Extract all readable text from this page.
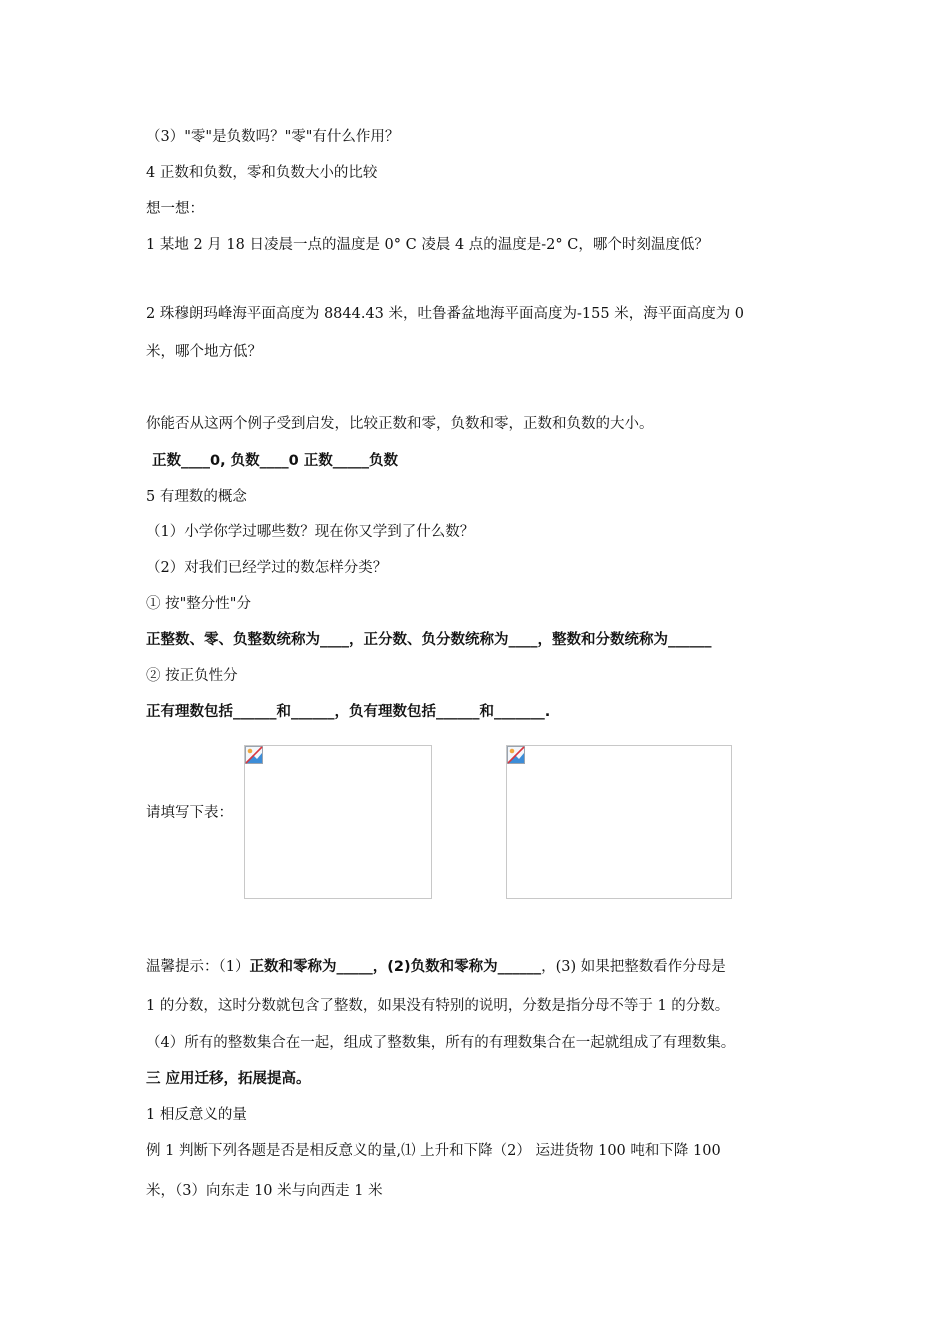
（3）"零"是负数吗？"零"有什么作用？
4 正数和负数，零和负数大小的比较
想一想：
1 某地 2 月 18 日凌晨一点的温度是 0° C 凌晨 4 点的温度是-2° C，哪个时刻温度低？
2 珠穆朗玛峰海平面高度为 8844.43 米，吐鲁番盆地海平面高度为-155 米，海平面高度为 0
米，哪个地方低？
你能否从这两个例子受到启发，比较正数和零，负数和零，正数和负数的大小。
正数____0, 负数____0 正数_____负数
5 有理数的概念
（1）小学你学过哪些数？现在你又学到了什么数？
（2）对我们已经学过的数怎样分类？
① 按"整分性"分
正整数、零、负整数统称为____，正分数、负分数统称为____，整数和分数统称为______
② 按正负性分
正有理数包括______和______，负有理数包括______和_______.
请填写下表：
温馨提示：（1）正数和零称为_____，(2)负数和零称为______，(3) 如果把整数看作分母是
1 的分数，这时分数就包含了整数，如果没有特别的说明，分数是指分母不等于 1 的分数。
（4）所有的整数集合在一起，组成了整数集，所有的有理数集合在一起就组成了有理数集。
三 应用迁移，拓展提高。
1 相反意义的量
例 1 判断下列各题是否是相反意义的量,⑴ 上升和下降（2） 运进货物 100 吨和下降 100
米，（3）向东走 10 米与向西走 1 米
